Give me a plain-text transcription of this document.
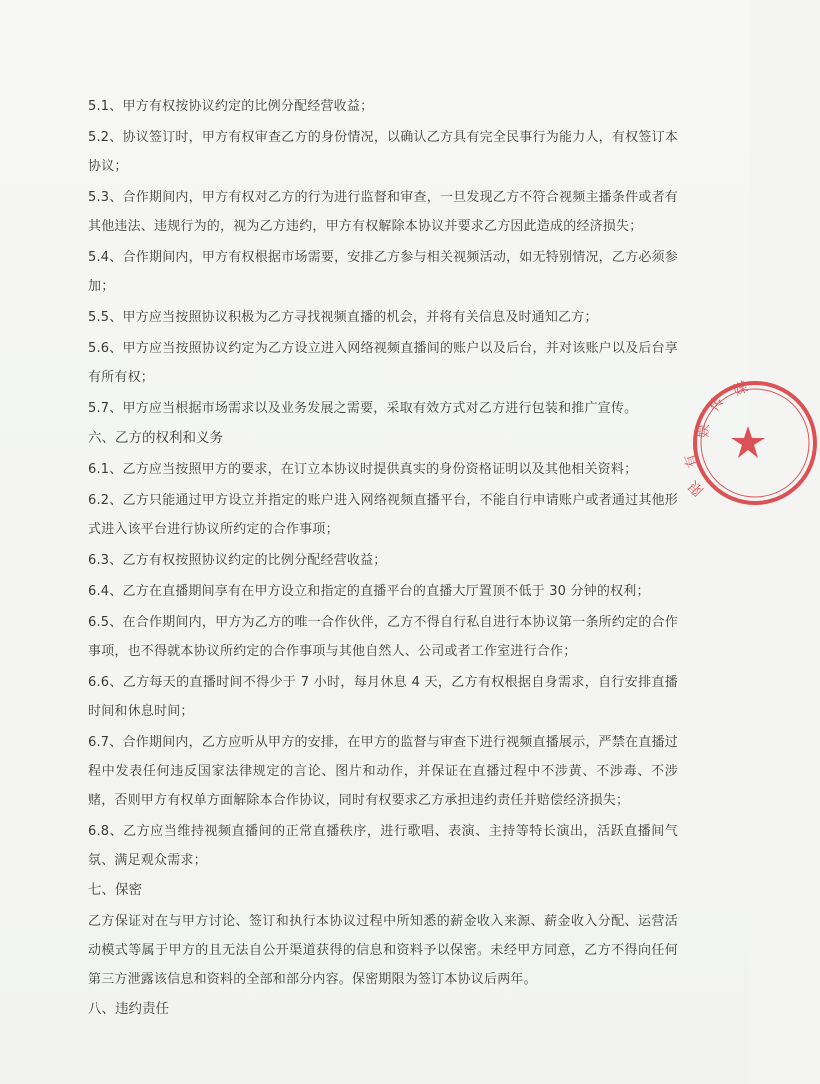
5.1、甲方有权按协议约定的比例分配经营收益；
5.2、协议签订时，甲方有权审查乙方的身份情况，以确认乙方具有完全民事行为能力人，有权签订本协议；
5.3、合作期间内，甲方有权对乙方的行为进行监督和审查，一旦发现乙方不符合视频主播条件或者有其他违法、违规行为的，视为乙方违约，甲方有权解除本协议并要求乙方因此造成的经济损失；
5.4、合作期间内，甲方有权根据市场需要，安排乙方参与相关视频活动，如无特别情况，乙方必须参加；
5.5、甲方应当按照协议积极为乙方寻找视频直播的机会，并将有关信息及时通知乙方；
5.6、甲方应当按照协议约定为乙方设立进入网络视频直播间的账户以及后台，并对该账户以及后台享有所有权；
5.7、甲方应当根据市场需求以及业务发展之需要，采取有效方式对乙方进行包装和推广宣传。
六、乙方的权利和义务
6.1、乙方应当按照甲方的要求，在订立本协议时提供真实的身份资格证明以及其他相关资料；
6.2、乙方只能通过甲方设立并指定的账户进入网络视频直播平台，不能自行申请账户或者通过其他形式进入该平台进行协议所约定的合作事项；
6.3、乙方有权按照协议约定的比例分配经营收益；
6.4、乙方在直播期间享有在甲方设立和指定的直播平台的直播大厅置顶不低于 30 分钟的权利；
6.5、在合作期间内，甲方为乙方的唯一合作伙伴，乙方不得自行私自进行本协议第一条所约定的合作事项，也不得就本协议所约定的合作事项与其他自然人、公司或者工作室进行合作；
6.6、乙方每天的直播时间不得少于 7 小时，每月休息 4 天，乙方有权根据自身需求，自行安排直播时间和休息时间；
6.7、合作期间内，乙方应听从甲方的安排，在甲方的监督与审查下进行视频直播展示，严禁在直播过程中发表任何违反国家法律规定的言论、图片和动作，并保证在直播过程中不涉黄、不涉毒、不涉赌，否则甲方有权单方面解除本合作协议，同时有权要求乙方承担违约责任并赔偿经济损失；
6.8、乙方应当维持视频直播间的正常直播秩序，进行歌唱、表演、主持等特长演出，活跃直播间气氛、满足观众需求；
七、保密
乙方保证对在与甲方讨论、签订和执行本协议过程中所知悉的薪金收入来源、薪金收入分配、运营活动模式等属于甲方的且无法自公开渠道获得的信息和资料予以保密。未经甲方同意，乙方不得向任何第三方泄露该信息和资料的全部和部分内容。保密期限为签订本协议后两年。
八、违约责任
娱
传
媒
有
限
